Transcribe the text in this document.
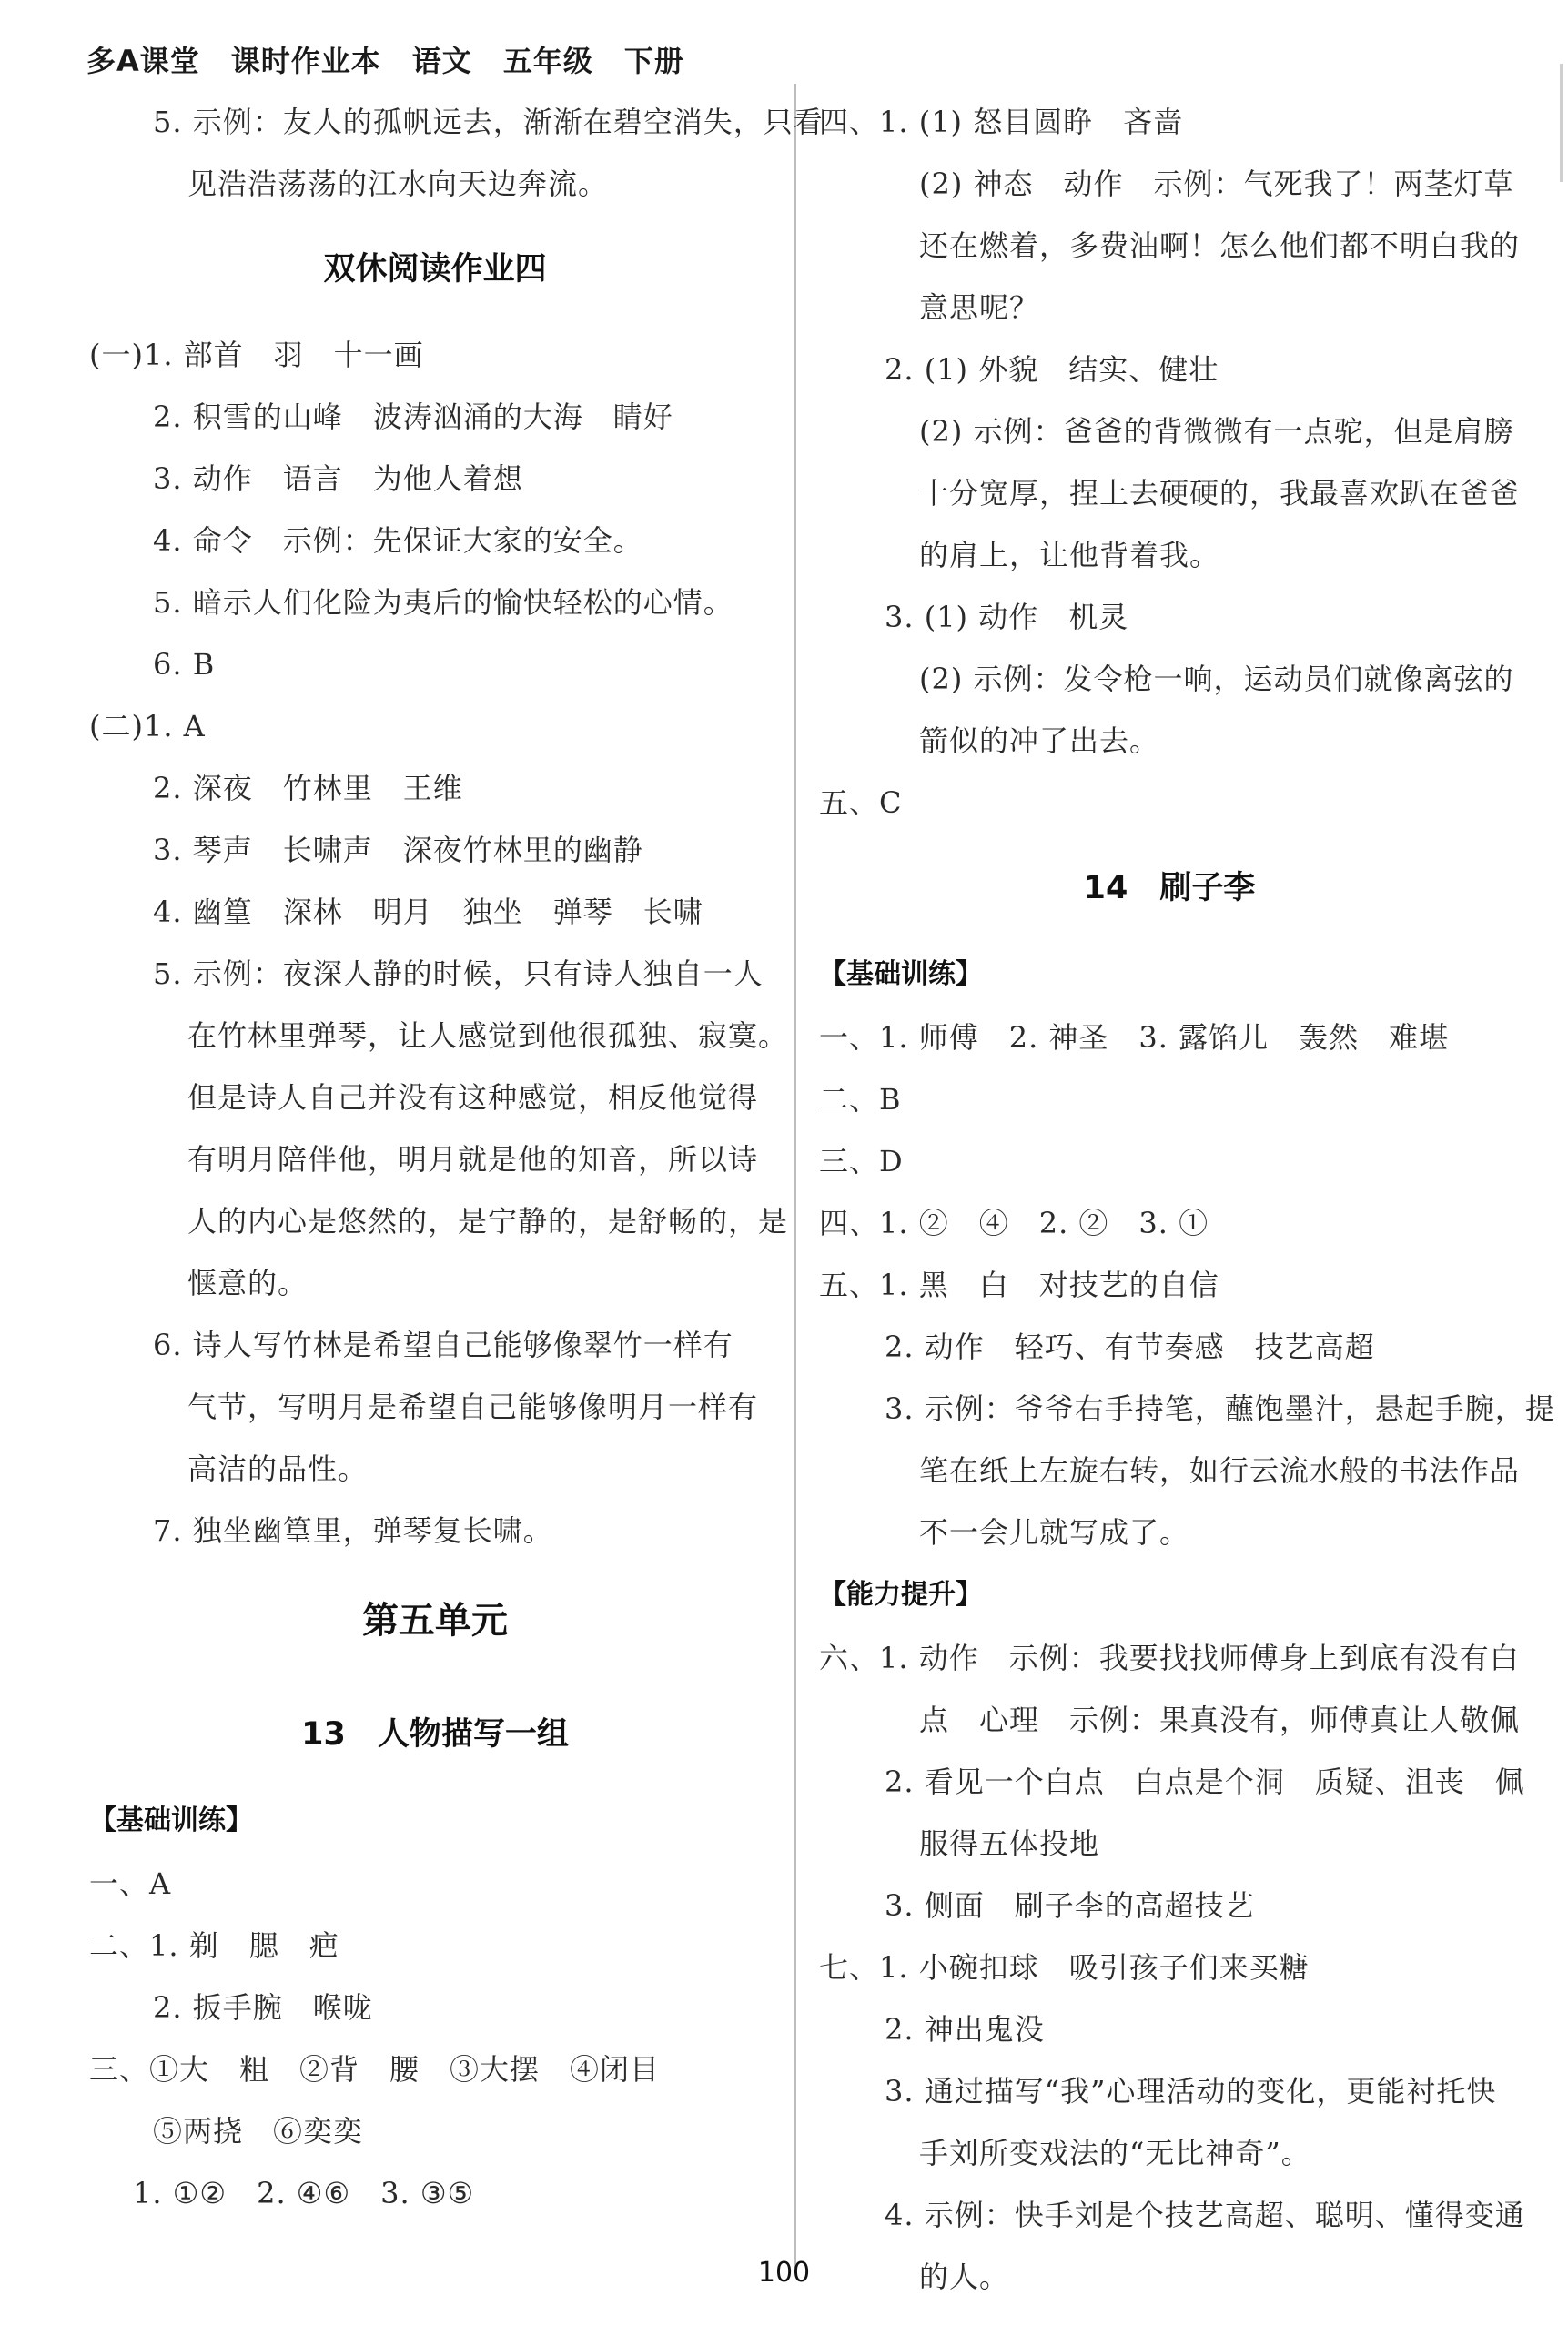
多A课堂 课时作业本 语文 五年级 下册
5. 示例：友人的孤帆远去，渐渐在碧空消失，只看
见浩浩荡荡的江水向天边奔流。
双休阅读作业四
(一)1. 部首　羽　十一画
2. 积雪的山峰　波涛汹涌的大海　睛好
3. 动作　语言　为他人着想
4. 命令　示例：先保证大家的安全。
5. 暗示人们化险为夷后的愉快轻松的心情。
6. B
(二)1. A
2. 深夜　竹林里　王维
3. 琴声　长啸声　深夜竹林里的幽静
4. 幽篁　深林　明月　独坐　弹琴　长啸
5. 示例：夜深人静的时候，只有诗人独自一人
在竹林里弹琴，让人感觉到他很孤独、寂寞。
但是诗人自己并没有这种感觉，相反他觉得
有明月陪伴他，明月就是他的知音，所以诗
人的内心是悠然的，是宁静的，是舒畅的，是
惬意的。
6. 诗人写竹林是希望自己能够像翠竹一样有
气节，写明月是希望自己能够像明月一样有
高洁的品性。
7. 独坐幽篁里，弹琴复长啸。
第五单元
13　人物描写一组
【基础训练】
一、A
二、1. 剃　腮　疤
2. 扳手腕　喉咙
三、①大　粗　②背　腰　③大摆　④闭目
⑤两挠　⑥奕奕
1. ①②　2. ④⑥　3. ③⑤
四、1. (1) 怒目圆睁　吝啬
(2) 神态　动作　示例：气死我了！两茎灯草
还在燃着，多费油啊！怎么他们都不明白我的
意思呢？
2. (1) 外貌　结实、健壮
(2) 示例：爸爸的背微微有一点驼，但是肩膀
十分宽厚，捏上去硬硬的，我最喜欢趴在爸爸
的肩上，让他背着我。
3. (1) 动作　机灵
(2) 示例：发令枪一响，运动员们就像离弦的
箭似的冲了出去。
五、C
14　刷子李
【基础训练】
一、1. 师傅　2. 神圣　3. 露馅儿　轰然　难堪
二、B
三、D
四、1. ②　④　2. ②　3. ①
五、1. 黑　白　对技艺的自信
2. 动作　轻巧、有节奏感　技艺高超
3. 示例：爷爷右手持笔，蘸饱墨汁，悬起手腕，提
笔在纸上左旋右转，如行云流水般的书法作品
不一会儿就写成了。
【能力提升】
六、1. 动作　示例：我要找找师傅身上到底有没有白
点　心理　示例：果真没有，师傅真让人敬佩
2. 看见一个白点　白点是个洞　质疑、沮丧　佩
服得五体投地
3. 侧面　刷子李的高超技艺
七、1. 小碗扣球　吸引孩子们来买糖
2. 神出鬼没
3. 通过描写“我”心理活动的变化，更能衬托快
手刘所变戏法的“无比神奇”。
4. 示例：快手刘是个技艺高超、聪明、懂得变通
的人。
100
